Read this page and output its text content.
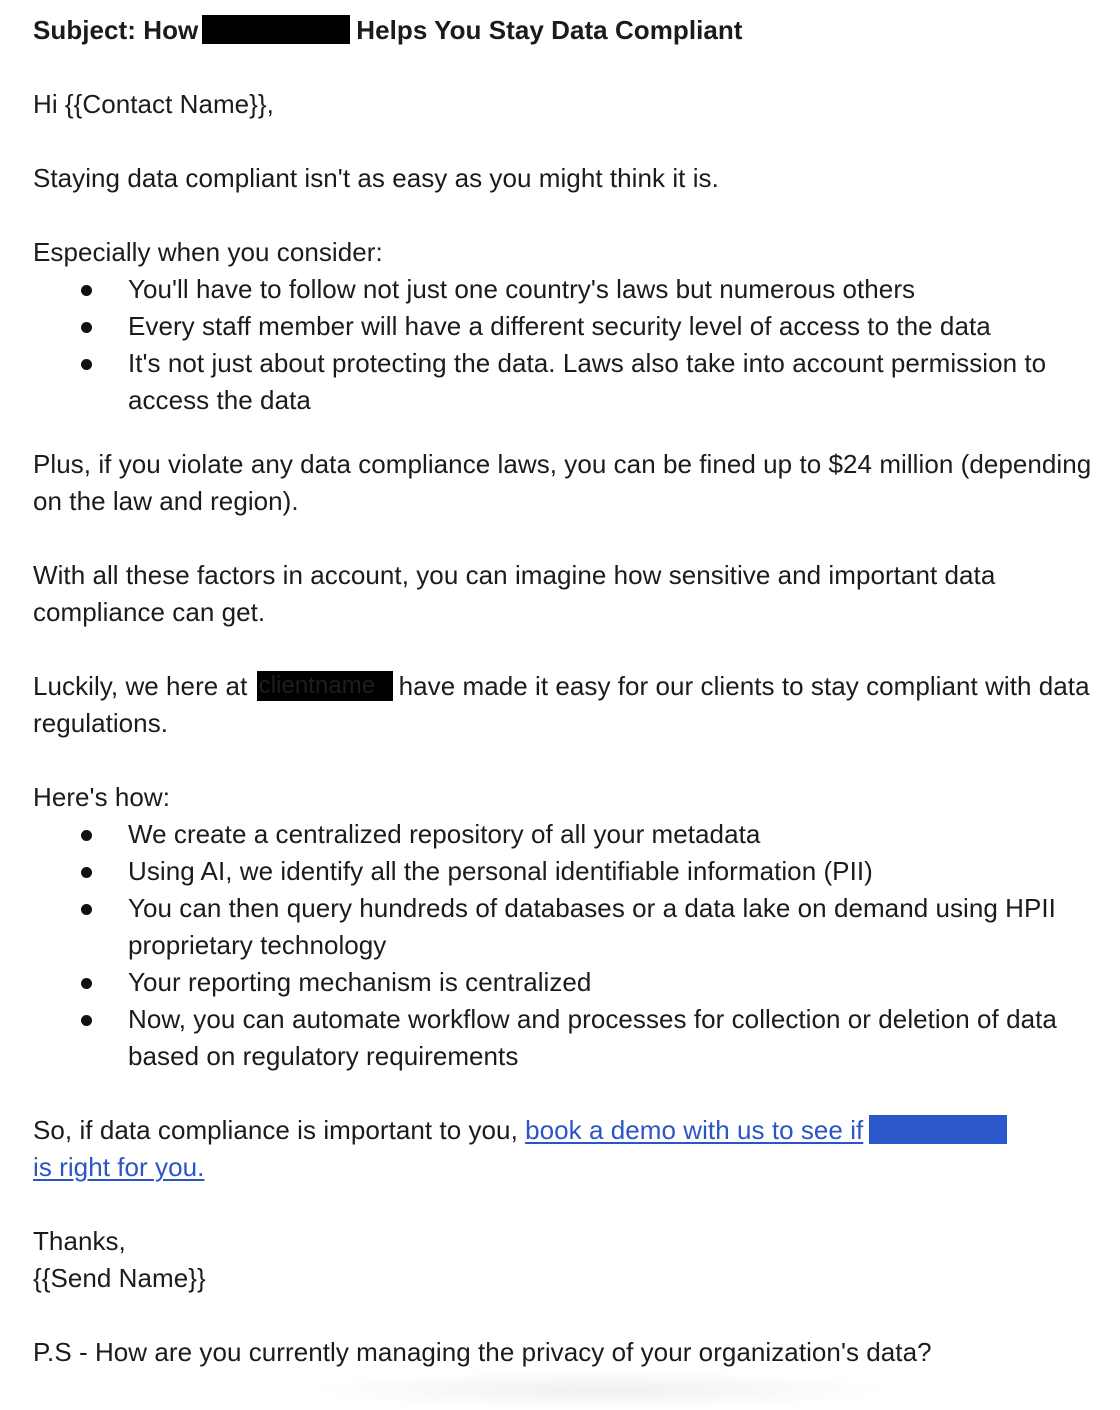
Subject: How	Helps You Stay Data Compliant

Hi {{Contact Name}},

Staying data compliant isn't as easy as you might think it is.

Especially when you consider:

You'll have to follow not just one country's laws but numerous others
Every staff member will have a different security level of access to the data
It's not just about protecting the data. Laws also take into account permission to access the data

Plus, if you violate any data compliance laws, you can be fined up to $24 million (depending on the law and region).

With all these factors in account, you can imagine how sensitive and important data compliance can get.

Luckily, we here at clientname have made it easy for our clients to stay compliant with data regulations.

Here's how:

We create a centralized repository of all your metadata
Using AI, we identify all the personal identifiable information (PII)
You can then query hundreds of databases or a data lake on demand using HPII proprietary technology
Your reporting mechanism is centralized
Now, you can automate workflow and processes for collection or deletion of data based on regulatory requirements

So, if data compliance is important to you, book a demo with us to see if
is right for you.

Thanks,

{{Send Name}}

P.S - How are you currently managing the privacy of your organization's data?
